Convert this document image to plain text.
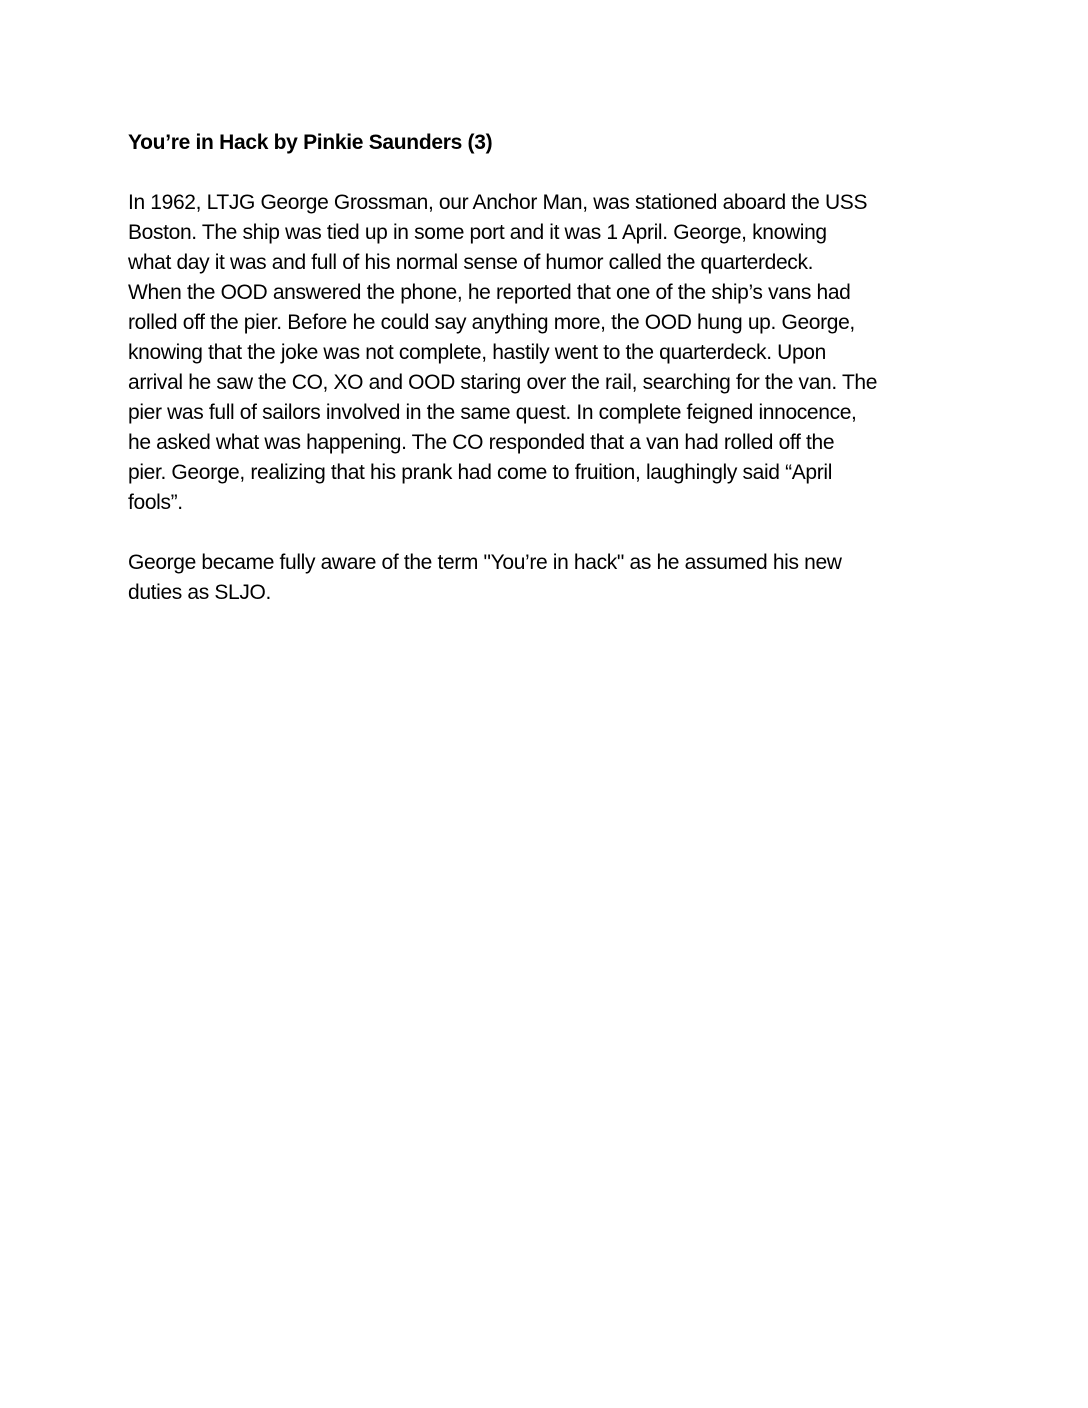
You’re in Hack by Pinkie Saunders (3)
In 1962, LTJG George Grossman, our Anchor Man, was stationed aboard the USS
Boston. The ship was tied up in some port and it was 1 April. George, knowing
what day it was and full of his normal sense of humor called the quarterdeck.
When the OOD answered the phone, he reported that one of the ship’s vans had
rolled off the pier. Before he could say anything more, the OOD hung up. George,
knowing that the joke was not complete, hastily went to the quarterdeck. Upon
arrival he saw the CO, XO and OOD staring over the rail, searching for the van. The
pier was full of sailors involved in the same quest. In complete feigned innocence,
he asked what was happening. The CO responded that a van had rolled off the
pier. George, realizing that his prank had come to fruition, laughingly said “April
fools”.
George became fully aware of the term "You’re in hack" as he assumed his new
duties as SLJO.
